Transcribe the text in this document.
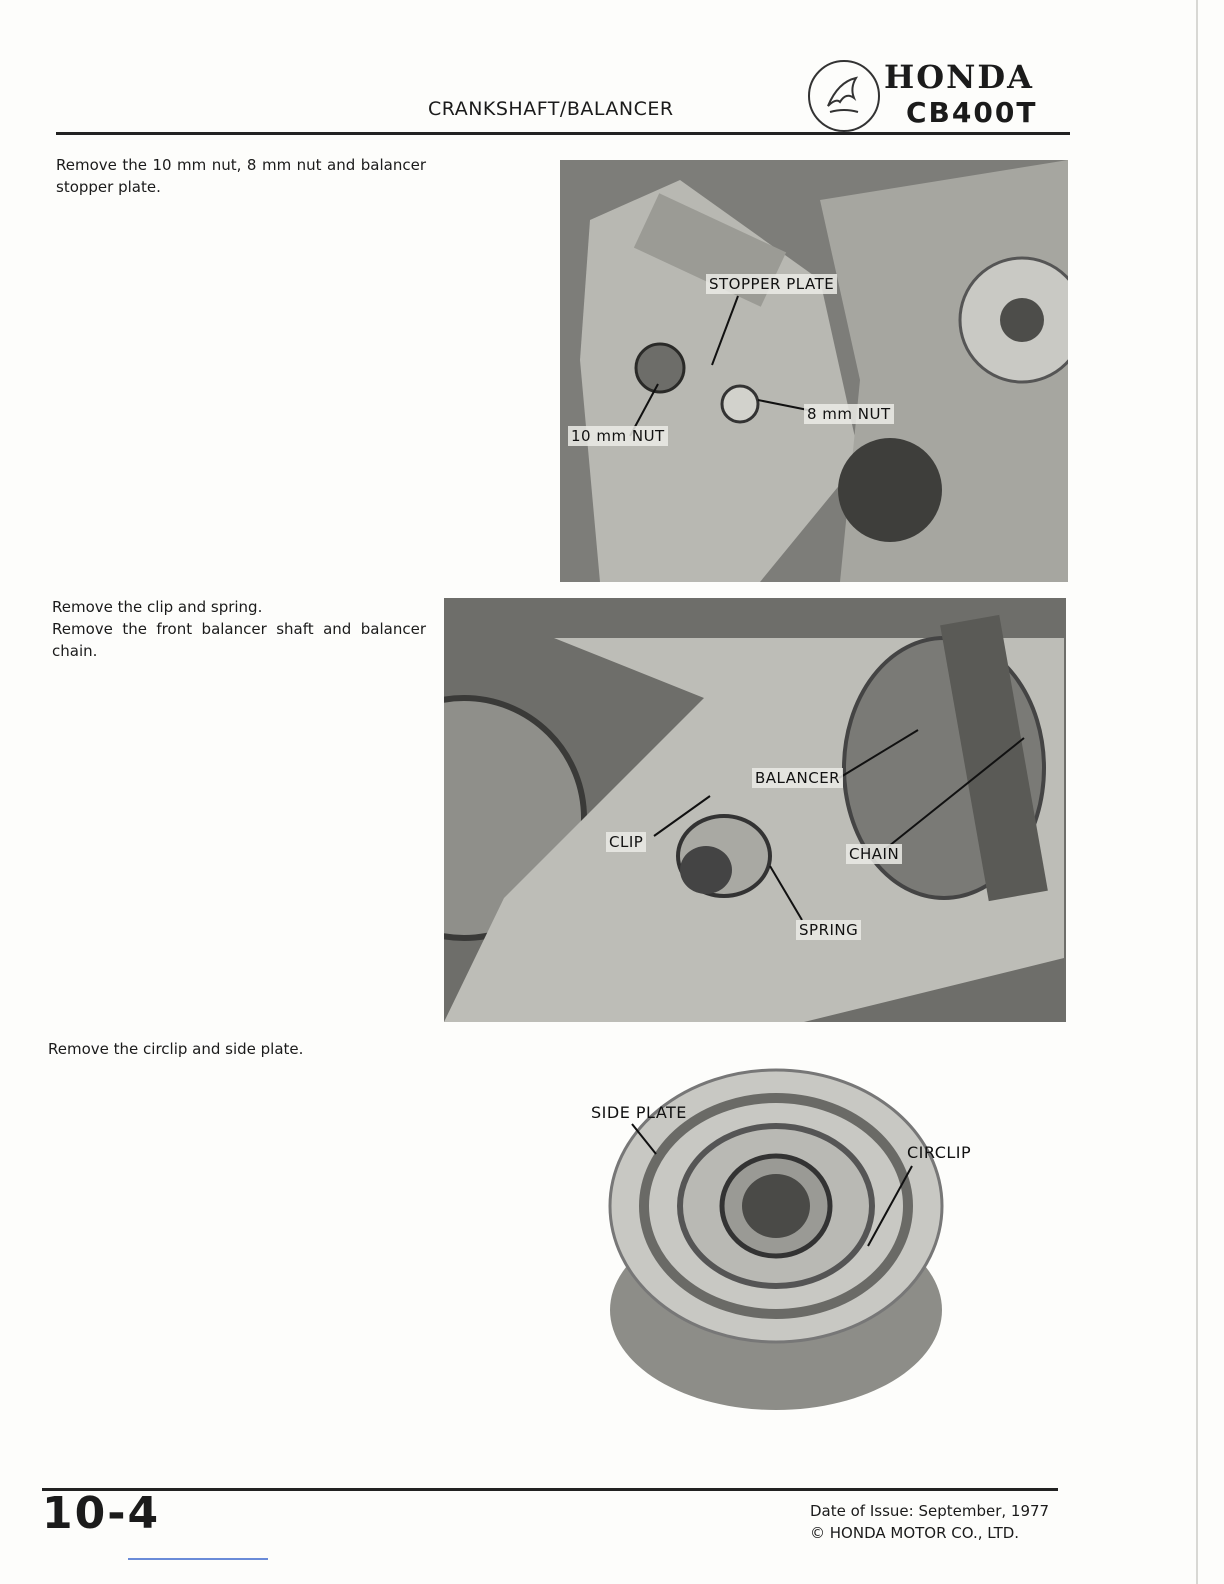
CRANKSHAFT/BALANCER
HONDA
CB400T
Remove the 10 mm nut, 8 mm nut and balancer stopper plate.
STOPPER PLATE
8 mm NUT
10 mm NUT
Remove the clip and spring.
Remove the front balancer shaft and balancer chain.
BALANCER
CLIP
CHAIN
SPRING
Remove the circlip and side plate.
SIDE PLATE
CIRCLIP
10-4	Date of Issue: September, 1977
© HONDA MOTOR CO., LTD.
